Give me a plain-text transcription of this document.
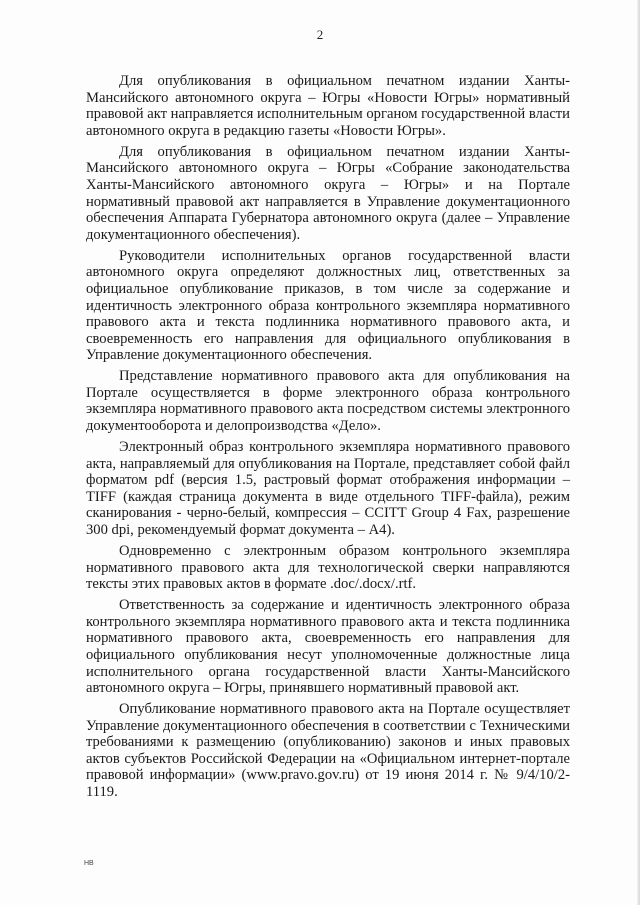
2

Для опубликования в официальном печатном издании Ханты-Мансийского автономного округа – Югры «Новости Югры» нормативный правовой акт направляется исполнительным органом государственной власти автономного округа в редакцию газеты «Новости Югры».

Для опубликования в официальном печатном издании Ханты-Мансийского автономного округа – Югры «Собрание законодательства Ханты-Мансийского автономного округа – Югры» и на Портале нормативный правовой акт направляется в Управление документационного обеспечения Аппарата Губернатора автономного округа (далее – Управление документационного обеспечения).

Руководители исполнительных органов государственной власти автономного округа определяют должностных лиц, ответственных за официальное опубликование приказов, в том числе за содержание и идентичность электронного образа контрольного экземпляра нормативного правового акта и текста подлинника нормативного правового акта, и своевременность его направления для официального опубликования в Управление документационного обеспечения.

Представление нормативного правового акта для опубликования на Портале осуществляется в форме электронного образа контрольного экземпляра нормативного правового акта посредством системы электронного документооборота и делопроизводства «Дело».

Электронный образ контрольного экземпляра нормативного правового акта, направляемый для опубликования на Портале, представляет собой файл форматом pdf (версия 1.5, растровый формат отображения информации – TIFF (каждая страница документа в виде отдельного TIFF-файла), режим сканирования - черно-белый, компрессия – CCITT Group 4 Fax, разрешение 300 dpi, рекомендуемый формат документа – А4).

Одновременно с электронным образом контрольного экземпляра нормативного правового акта для технологической сверки направляются тексты этих правовых актов в формате .doc/.docx/.rtf.

Ответственность за содержание и идентичность электронного образа контрольного экземпляра нормативного правового акта и текста подлинника нормативного правового акта, своевременность его направления для официального опубликования несут уполномоченные должностные лица исполнительного органа государственной власти Ханты-Мансийского автономного округа – Югры, принявшего нормативный правовой акт.

Опубликование нормативного правового акта на Портале осуществляет Управление документационного обеспечения в соответствии с Техническими требованиями к размещению (опубликованию) законов и иных правовых актов субъектов Российской Федерации на «Официальном интернет-портале правовой информации» (www.pravo.gov.ru) от 19 июня 2014 г. № 9/4/10/2-1119.

НВ
